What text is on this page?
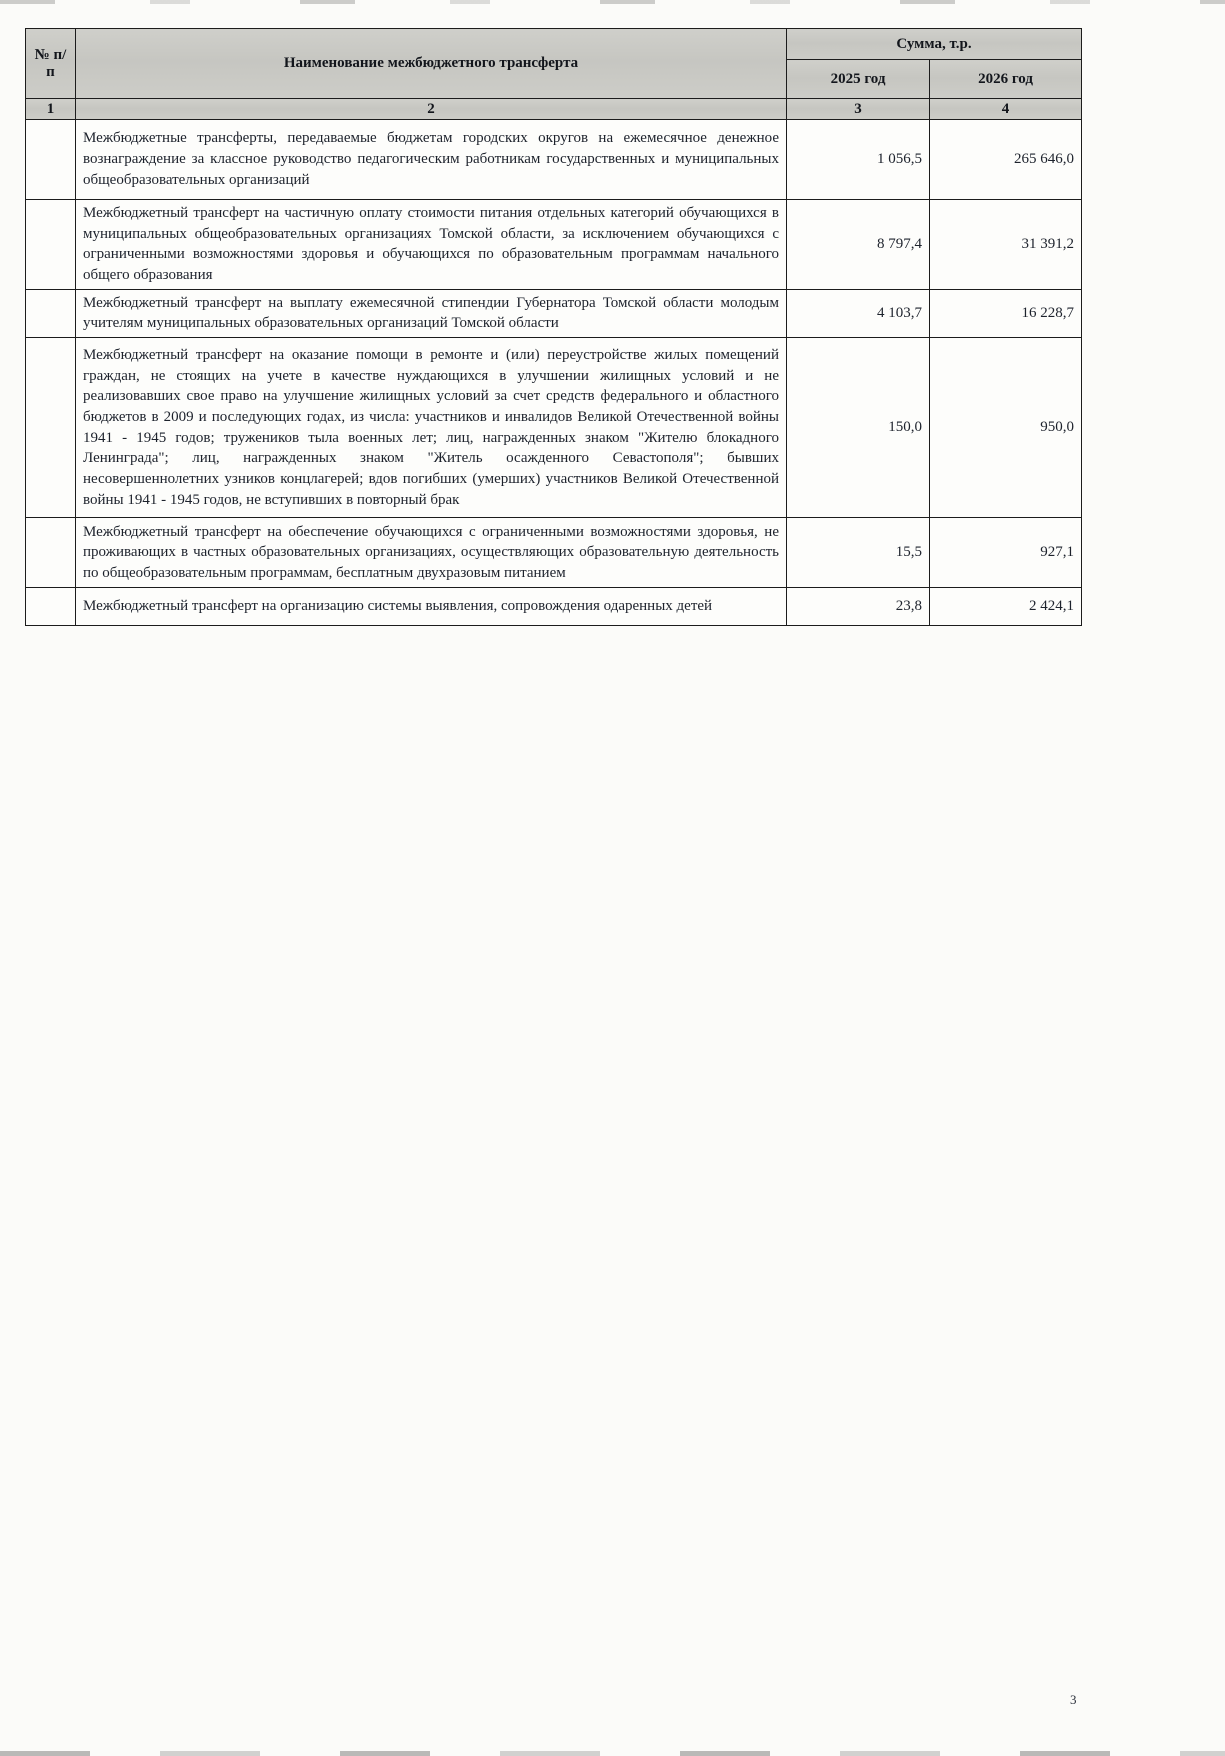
№ п/п	Наименование межбюджетного трансферта	Сумма, т.р.	
		2025 год	2026 год
1	2	3	4
	Межбюджетные трансферты, передаваемые бюджетам городских округов на ежемесячное денежное вознаграждение за классное руководство педагогическим работникам государственных и муниципальных общеобразовательных организаций	1 056,5	265 646,0
	Межбюджетный трансферт на частичную оплату стоимости питания отдельных категорий обучающихся в муниципальных общеобразовательных организациях Томской области, за исключением обучающихся с ограниченными возможностями здоровья и обучающихся по образовательным программам начального общего образования	8 797,4	31 391,2
	Межбюджетный трансферт на выплату ежемесячной стипендии Губернатора Томской области молодым учителям муниципальных образовательных организаций Томской области	4 103,7	16 228,7
	Межбюджетный трансферт на оказание помощи в ремонте и (или) переустройстве жилых помещений граждан, не стоящих на учете в качестве нуждающихся в улучшении жилищных условий и не реализовавших свое право на улучшение жилищных условий за счет средств федерального и областного бюджетов в 2009 и последующих годах, из числа: участников и инвалидов Великой Отечественной войны 1941 - 1945 годов; тружеников тыла военных лет; лиц, награжденных знаком "Жителю блокадного Ленинграда"; лиц, награжденных знаком "Житель осажденного Севастополя"; бывших несовершеннолетних узников концлагерей; вдов погибших (умерших) участников Великой Отечественной войны 1941 - 1945 годов, не вступивших в повторный брак	150,0	950,0
	Межбюджетный трансферт на обеспечение обучающихся с ограниченными возможностями здоровья, не проживающих в частных образовательных организациях, осуществляющих образовательную деятельность по общеобразовательным программам, бесплатным двухразовым питанием	15,5	927,1
	Межбюджетный трансферт на организацию системы выявления, сопровождения одаренных детей	23,8	2 424,1
3
